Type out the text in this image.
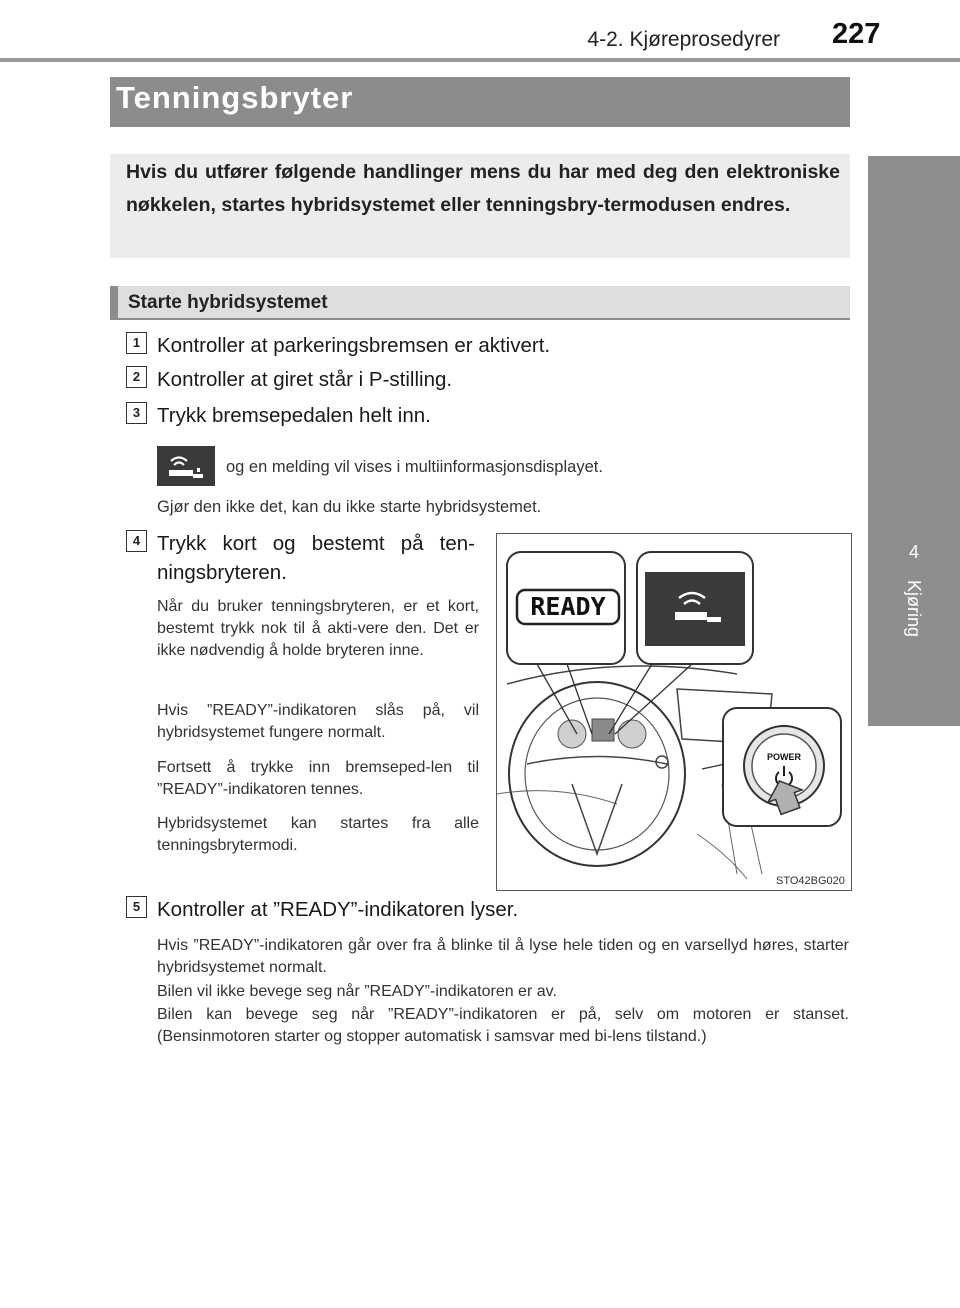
4-2. Kjøreprosedyrer 227
4
Kjøring
Tenningsbryter
Hvis du utfører følgende handlinger mens du har med deg den elektroniske nøkkelen, startes hybridsystemet eller tenningsbry-termodusen endres.
Starte hybridsystemet
1 Kontroller at parkeringsbremsen er aktivert.
2 Kontroller at giret står i P-stilling.
3 Trykk bremsepedalen helt inn.
og en melding vil vises i multiinformasjonsdisplayet.
Gjør den ikke det, kan du ikke starte hybridsystemet.
4 Trykk kort og bestemt på ten-
ningsbryteren.
Når du bruker tenningsbryteren, er et kort, bestemt trykk nok til å akti-vere den. Det er ikke nødvendig å holde bryteren inne.
Hvis ”READY”-indikatoren slås på, vil hybridsystemet fungere normalt.
Fortsett å trykke inn bremseped-len til ”READY”-indikatoren tennes.
Hybridsystemet kan startes fra alle tenningsbrytermodi.
READY
POWER
STO42BG020
5 Kontroller at ”READY”-indikatoren lyser.
Hvis ”READY”-indikatoren går over fra å blinke til å lyse hele tiden og en varsellyd høres, starter hybridsystemet normalt.
Bilen vil ikke bevege seg når ”READY”-indikatoren er av.
Bilen kan bevege seg når ”READY”-indikatoren er på, selv om motoren er stanset. (Bensinmotoren starter og stopper automatisk i samsvar med bi-lens tilstand.)
